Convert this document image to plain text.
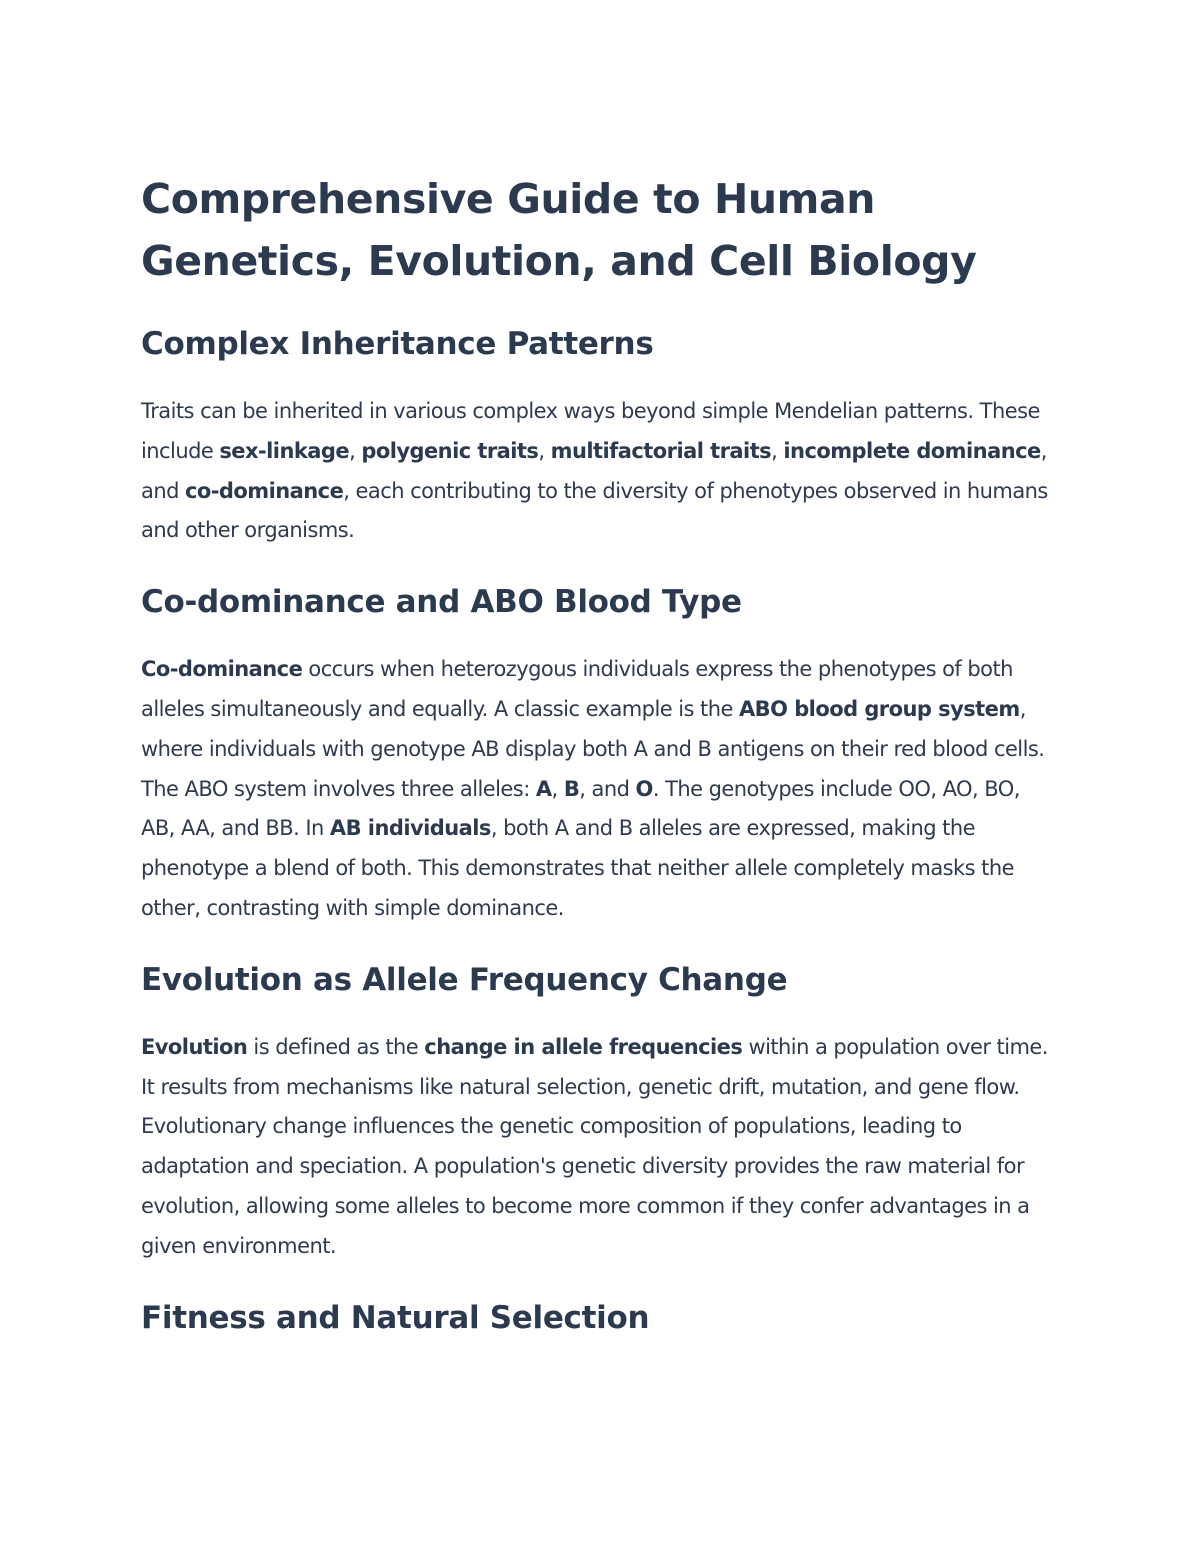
Comprehensive Guide to Human Genetics, Evolution, and Cell Biology
Complex Inheritance Patterns

Traits can be inherited in various complex ways beyond simple Mendelian patterns. These include sex-linkage, polygenic traits, multifactorial traits, incomplete dominance, and co-dominance, each contributing to the diversity of phenotypes observed in humans and other organisms.

Co-dominance and ABO Blood Type

Co-dominance occurs when heterozygous individuals express the phenotypes of both alleles simultaneously and equally. A classic example is the ABO blood group system, where individuals with genotype AB display both A and B antigens on their red blood cells. The ABO system involves three alleles: A, B, and O. The genotypes include OO, AO, BO, AB, AA, and BB. In AB individuals, both A and B alleles are expressed, making the phenotype a blend of both. This demonstrates that neither allele completely masks the other, contrasting with simple dominance.

Evolution as Allele Frequency Change

Evolution is defined as the change in allele frequencies within a population over time. It results from mechanisms like natural selection, genetic drift, mutation, and gene flow. Evolutionary change influences the genetic composition of populations, leading to adaptation and speciation. A population's genetic diversity provides the raw material for evolution, allowing some alleles to become more common if they confer advantages in a given environment.

Fitness and Natural Selection
